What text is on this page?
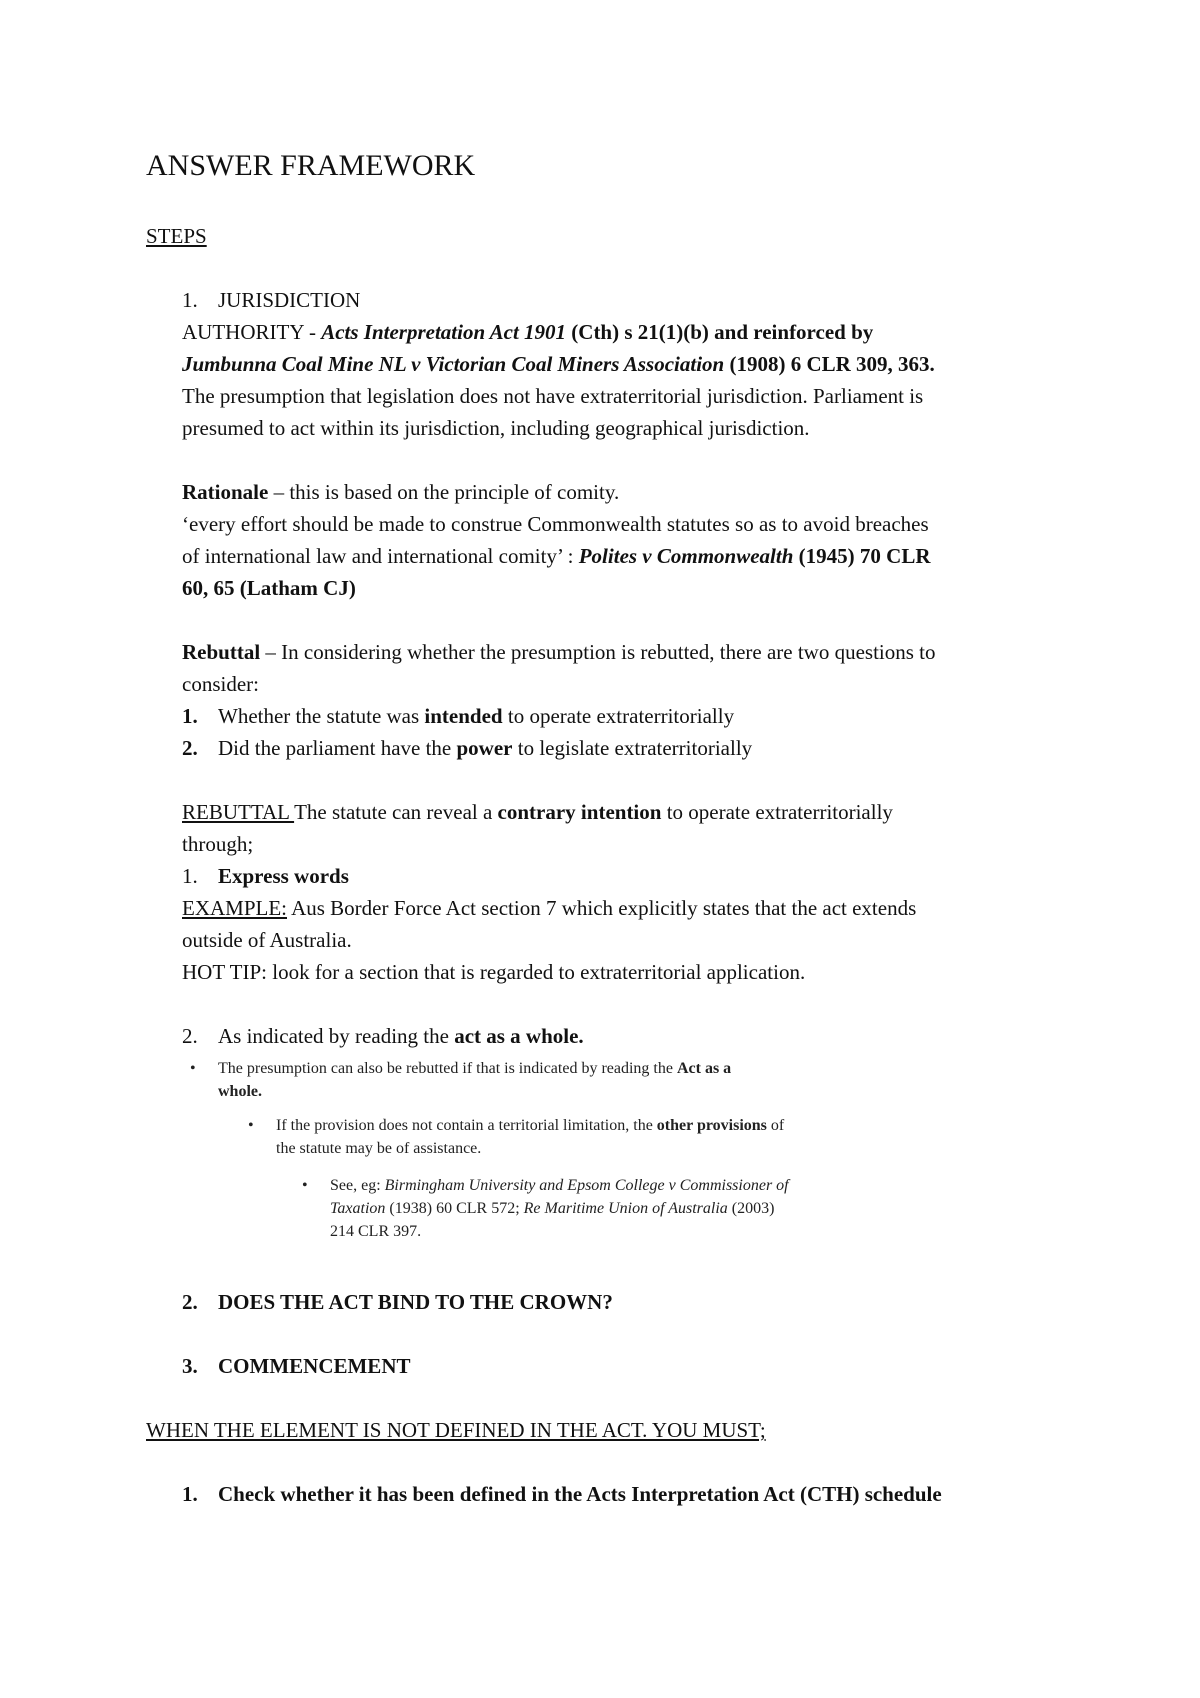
ANSWER FRAMEWORK
STEPS
1. JURISDICTION
AUTHORITY - Acts Interpretation Act 1901 (Cth) s 21(1)(b) and reinforced by
Jumbunna Coal Mine NL v Victorian Coal Miners Association (1908) 6 CLR 309, 363.
The presumption that legislation does not have extraterritorial jurisdiction. Parliament is
presumed to act within its jurisdiction, including geographical jurisdiction.
Rationale – this is based on the principle of comity.
‘every effort should be made to construe Commonwealth statutes so as to avoid breaches
of international law and international comity’ : Polites v Commonwealth (1945) 70 CLR
60, 65 (Latham CJ)
Rebuttal – In considering whether the presumption is rebutted, there are two questions to
consider:
1. Whether the statute was intended to operate extraterritorially
2. Did the parliament have the power to legislate extraterritorially
REBUTTAL The statute can reveal a contrary intention to operate extraterritorially
through;
1. Express words
EXAMPLE: Aus Border Force Act section 7 which explicitly states that the act extends
outside of Australia.
HOT TIP: look for a section that is regarded to extraterritorial application.
2. As indicated by reading the act as a whole.
• The presumption can also be rebutted if that is indicated by reading the Act as a
whole.
• If the provision does not contain a territorial limitation, the other provisions of
the statute may be of assistance.
• See, eg: Birmingham University and Epsom College v Commissioner of
Taxation (1938) 60 CLR 572; Re Maritime Union of Australia (2003)
214 CLR 397.
2. DOES THE ACT BIND TO THE CROWN?
3. COMMENCEMENT
WHEN THE ELEMENT IS NOT DEFINED IN THE ACT. YOU MUST;
1. Check whether it has been defined in the Acts Interpretation Act (CTH) schedule
